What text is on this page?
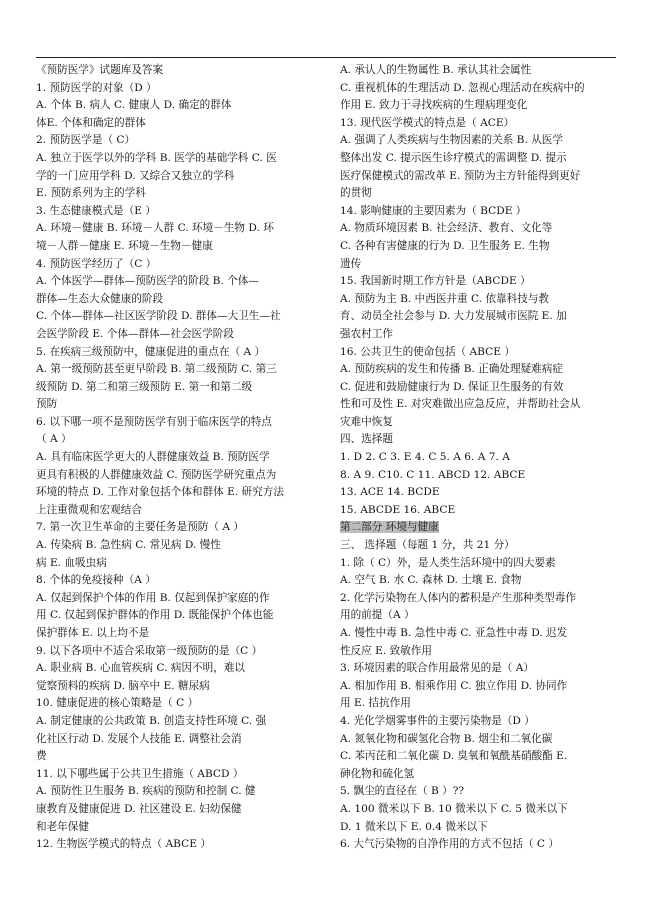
《预防医学》试题库及答案
1. 预防医学的对象（D ）
A. 个体 B. 病人 C. 健康人 D. 确定的群体
体E. 个体和确定的群体
2. 预防医学是（ C）
A. 独立于医学以外的学科 B. 医学的基础学科 C. 医
学的一门应用学科 D. 又综合又独立的学科
E. 预防系列为主的学科
3. 生态健康模式是（E ）
A. 环境－健康 B. 环境－人群 C. 环境－生物 D. 环
境－人群－健康 E. 环境－生物－健康
4. 预防医学经历了（C ）
A. 个体医学—群体—预防医学的阶段 B. 个体—
群体—生态大众健康的阶段
C. 个体—群体—社区医学阶段 D. 群体—大卫生—社
会医学阶段 E. 个体—群体—社会医学阶段
5. 在疾病三级预防中，健康促进的重点在（ A ）
A. 第一级预防甚至更早阶段 B. 第二级预防 C. 第三
级预防 D. 第二和第三级预防 E. 第一和第二级
预防
6. 以下哪一项不是预防医学有别于临床医学的特点
（ A ）
A. 具有临床医学更大的人群健康效益 B. 预防医学
更具有积极的人群健康效益 C. 预防医学研究重点为
环境的特点 D. 工作对象包括个体和群体 E. 研究方法
上注重微观和宏观结合
7. 第一次卫生革命的主要任务是预防（ A ）
A. 传染病 B. 急性病 C. 常见病 D. 慢性
病 E. 血吸虫病
8. 个体的免疫接种（A ）
A. 仅起到保护个体的作用 B. 仅起到保护家庭的作
用 C. 仅起到保护群体的作用 D. 既能保护个体也能
保护群体 E. 以上均不是
9. 以下各项中不适合采取第一级预防的是（C ）
A. 职业病 B. 心血管疾病 C. 病因不明，难以
觉察预料的疾病 D. 脑卒中 E. 糖尿病
10. 健康促进的核心策略是（ C ）
A. 制定健康的公共政策 B. 创造支持性环境 C. 强
化社区行动 D. 发展个人技能 E. 调整社会消
费
11. 以下哪些属于公共卫生措施（ ABCD ）
A. 预防性卫生服务 B. 疾病的预防和控制 C. 健
康教育及健康促进 D. 社区建设 E. 妇幼保健
和老年保健
12. 生物医学模式的特点（ ABCE ）
A. 承认人的生物属性 B. 承认其社会属性
C. 重视机体的生理活动 D. 忽视心理活动在疾病中的
作用 E. 致力于寻找疾病的生理病理变化
13. 现代医学模式的特点是（ ACE）
A. 强调了人类疾病与生物因素的关系 B. 从医学
整体出发 C. 提示医生诊疗模式的需调整 D. 提示
医疗保健模式的需改革 E. 预防为主方针能得到更好
的贯彻
14. 影响健康的主要因素为（ BCDE ）
A. 物质环境因素 B. 社会经济、教育、文化等
C. 各种有害健康的行为 D. 卫生服务 E. 生物
遗传
15. 我国新时期工作方针是（ABCDE ）
A. 预防为主 B. 中西医并重 C. 依靠科技与教
育、动员全社会参与 D. 大力发展城市医院 E. 加
强农村工作
16. 公共卫生的使命包括（ ABCE ）
A. 预防疾病的发生和传播 B. 正确处理疑难病症
C. 促进和鼓励健康行为 D. 保证卫生服务的有效
性和可及性 E. 对灾难做出应急反应，并帮助社会从
灾难中恢复
四、选择题
1. D 2. C 3. E 4. C 5. A 6. A 7. A
8. A 9. C10. C 11. ABCD 12. ABCE
13. ACE 14. BCDE
15. ABCDE 16. ABCE
第二部分 环境与健康
三、 选择题（每题 1 分，共 21 分）
1. 除（ C）外，是人类生活环境中的四大要素
A. 空气 B. 水 C. 森林 D. 土壤 E. 食物
2. 化学污染物在人体内的蓄积是产生那种类型毒作
用的前提（A ）
A. 慢性中毒 B. 急性中毒 C. 亚急性中毒 D. 迟发
性反应 E. 致敏作用
3. 环境因素的联合作用最常见的是（ A）
A. 相加作用 B. 相乘作用 C. 独立作用 D. 协同作
用 E. 拮抗作用
4. 光化学烟雾事件的主要污染物是（D ）
A. 氮氧化物和碳氢化合物 B. 烟尘和二氧化碳
C. 苯丙芘和二氧化碳 D. 臭氧和氧酰基硝酸酯 E.
砷化物和硫化氢
5. 飘尘的直径在（ B ）??
A. 100 微米以下 B. 10 微米以下 C. 5 微米以下
D. 1 微米以下 E. 0.4 微米以下
6. 大气污染物的自净作用的方式不包括（ C ）
